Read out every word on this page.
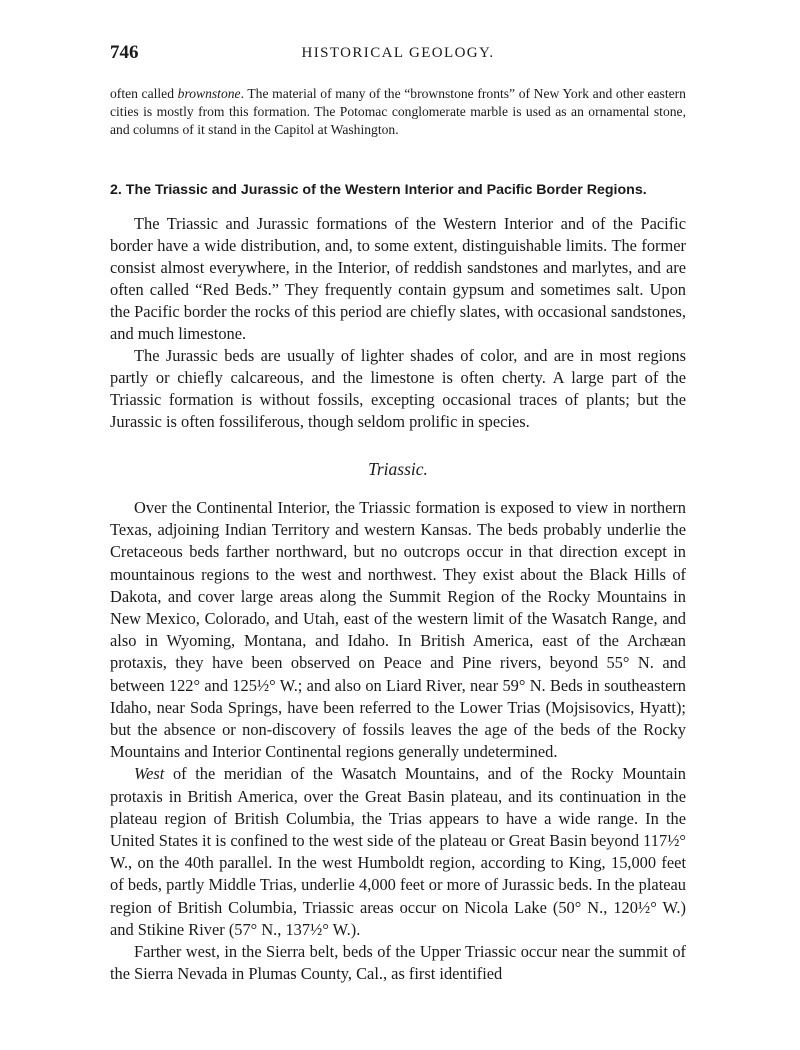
746	HISTORICAL GEOLOGY.

often called brownstone. The material of many of the “brownstone fronts” of New York and other eastern cities is mostly from this formation. The Potomac conglomerate marble is used as an ornamental stone, and columns of it stand in the Capitol at Washington.

2. The Triassic and Jurassic of the Western Interior and Pacific Border Regions.

The Triassic and Jurassic formations of the Western Interior and of the Pacific border have a wide distribution, and, to some extent, distinguishable limits. The former consist almost everywhere, in the Interior, of reddish sandstones and marlytes, and are often called “Red Beds.” They frequently contain gypsum and sometimes salt. Upon the Pacific border the rocks of this period are chiefly slates, with occasional sandstones, and much limestone.

The Jurassic beds are usually of lighter shades of color, and are in most regions partly or chiefly calcareous, and the limestone is often cherty. A large part of the Triassic formation is without fossils, excepting occasional traces of plants; but the Jurassic is often fossiliferous, though seldom prolific in species.

Triassic.

Over the Continental Interior, the Triassic formation is exposed to view in northern Texas, adjoining Indian Territory and western Kansas. The beds probably underlie the Cretaceous beds farther northward, but no outcrops occur in that direction except in mountainous regions to the west and northwest. They exist about the Black Hills of Dakota, and cover large areas along the Summit Region of the Rocky Mountains in New Mexico, Colorado, and Utah, east of the western limit of the Wasatch Range, and also in Wyoming, Montana, and Idaho. In British America, east of the Archæan protaxis, they have been observed on Peace and Pine rivers, beyond 55° N. and between 122° and 125½° W.; and also on Liard River, near 59° N. Beds in southeastern Idaho, near Soda Springs, have been referred to the Lower Trias (Mojsisovics, Hyatt); but the absence or non-discovery of fossils leaves the age of the beds of the Rocky Mountains and Interior Continental regions generally undetermined.

West of the meridian of the Wasatch Mountains, and of the Rocky Mountain protaxis in British America, over the Great Basin plateau, and its continuation in the plateau region of British Columbia, the Trias appears to have a wide range. In the United States it is confined to the west side of the plateau or Great Basin beyond 117½° W., on the 40th parallel. In the west Humboldt region, according to King, 15,000 feet of beds, partly Middle Trias, underlie 4,000 feet or more of Jurassic beds. In the plateau region of British Columbia, Triassic areas occur on Nicola Lake (50° N., 120½° W.) and Stikine River (57° N., 137½° W.).

Farther west, in the Sierra belt, beds of the Upper Triassic occur near the summit of the Sierra Nevada in Plumas County, Cal., as first identified
